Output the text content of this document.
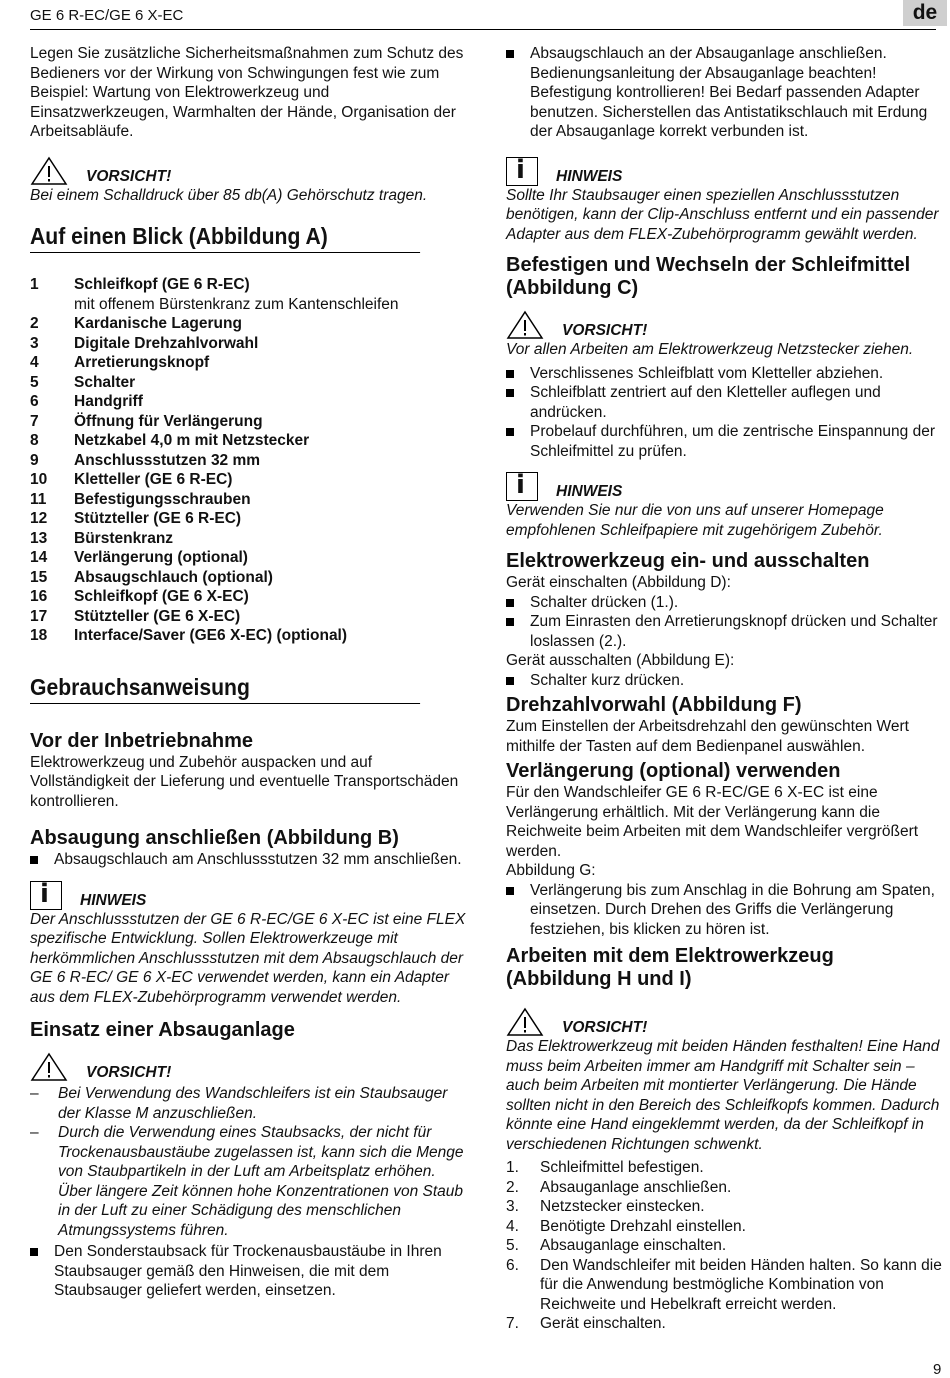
GE 6 R-EC/GE 6 X-EC	de

Legen Sie zusätzliche Sicherheitsmaßnahmen zum Schutz des Bedieners vor der Wirkung von Schwingungen fest wie zum Beispiel: Wartung von Elektrowerkzeug und Einsatzwerkzeugen, Warmhalten der Hände, Organisation der Arbeitsabläufe.

VORSICHT!

Bei einem Schalldruck über 85 db(A) Gehörschutz tragen.

Auf einen Blick (Abbildung A)
1	Schleifkopf (GE 6 R-EC)
mit offenem Bürstenkranz zum Kantenschleifen
2	Kardanische Lagerung
3	Digitale Drehzahlvorwahl
4	Arretierungsknopf
5	Schalter
6	Handgriff
7	Öffnung für Verlängerung
8	Netzkabel 4,0 m mit Netzstecker
9	Anschlussstutzen 32 mm
10	Kletteller (GE 6 R-EC)
11	Befestigungsschrauben
12	Stützteller (GE 6 R-EC)
13	Bürstenkranz
14	Verlängerung (optional)
15	Absaugschlauch (optional)
16	Schleifkopf (GE 6 X-EC)
17	Stützteller (GE 6 X-EC)
18	Interface/Saver (GE6 X-EC) (optional)
Gebrauchsanweisung
Vor der Inbetriebnahme

Elektrowerkzeug und Zubehör auspacken und auf Vollständigkeit der Lieferung und eventuelle Transportschäden kontrollieren.

Absaugung anschließen (Abbildung B)
Absaugschlauch am Anschlussstutzen 32 mm anschließen.
i
HINWEIS

Der Anschlussstutzen der GE 6 R-EC/GE 6 X-EC ist eine FLEX spezifische Entwicklung. Sollen Elektrowerkzeuge mit herkömmlichen Anschlussstutzen mit dem Absaugschlauch der GE 6 R-EC/ GE 6 X-EC verwendet werden, kann ein Adapter aus dem FLEX-Zubehörprogramm verwendet werden.

Einsatz einer Absauganlage
VORSICHT!
–	Bei Verwendung des Wandschleifers ist ein Staubsauger der Klasse M anzuschließen.
–	Durch die Verwendung eines Staubsacks, der nicht für Trockenausbaustäube zugelassen ist, kann sich die Menge von Staubpartikeln in der Luft am Arbeitsplatz erhöhen. Über längere Zeit können hohe Konzentrationen von Staub in der Luft zu einer Schädigung des menschlichen Atmungssystems führen.
Den Sonderstaubsack für Trockenausbaustäube in Ihren Staubsauger gemäß den Hinweisen, die mit dem Staubsauger geliefert werden, einsetzen.
Absaugschlauch an der Absauganlage anschließen. Bedienungsanleitung der Absauganlage beachten! Befestigung kontrollieren! Bei Bedarf passenden Adapter benutzen. Sicherstellen das Antistatikschlauch mit Erdung der Absauganlage korrekt verbunden ist.
i
HINWEIS

Sollte Ihr Staubsauger einen speziellen Anschlussstutzen benötigen, kann der Clip-Anschluss entfernt und ein passender Adapter aus dem FLEX-Zubehörprogramm gewählt werden.

Befestigen und Wechseln der Schleifmittel (Abbildung C)
VORSICHT!

Vor allen Arbeiten am Elektrowerkzeug Netzstecker ziehen.

Verschlissenes Schleifblatt vom Kletteller abziehen.
Schleifblatt zentriert auf den Kletteller auflegen und andrücken.
Probelauf durchführen, um die zentrische Einspannung der Schleifmittel zu prüfen.
i
HINWEIS

Verwenden Sie nur die von uns auf unserer Homepage empfohlenen Schleifpapiere mit zugehörigem Zubehör.

Elektrowerkzeug ein- und ausschalten

Gerät einschalten (Abbildung D):

Schalter drücken (1.).
Zum Einrasten den Arretierungsknopf drücken und Schalter loslassen (2.).

Gerät ausschalten (Abbildung E):

Schalter kurz drücken.
Drehzahlvorwahl (Abbildung F)

Zum Einstellen der Arbeitsdrehzahl den gewünschten Wert mithilfe der Tasten auf dem Bedienpanel auswählen.

Verlängerung (optional) verwenden

Für den Wandschleifer GE 6 R-EC/GE 6 X-EC ist eine Verlängerung erhältlich. Mit der Verlängerung kann die Reichweite beim Arbeiten mit dem Wandschleifer vergrößert werden.

Abbildung G:

Verlängerung bis zum Anschlag in die Bohrung am Spaten, einsetzen. Durch Drehen des Griffs die Verlängerung festziehen, bis klicken zu hören ist.
Arbeiten mit dem Elektrowerkzeug (Abbildung H und I)
VORSICHT!

Das Elektrowerkzeug mit beiden Händen festhalten! Eine Hand muss beim Arbeiten immer am Handgriff mit Schalter sein – auch beim Arbeiten mit montierter Verlängerung. Die Hände sollten nicht in den Bereich des Schleifkopfs kommen. Dadurch könnte eine Hand eingeklemmt werden, da der Schleifkopf in verschiedenen Richtungen schwenkt.

1.	Schleifmittel befestigen.
2.	Absauganlage anschließen.
3.	Netzstecker einstecken.
4.	Benötigte Drehzahl einstellen.
5.	Absauganlage einschalten.
6.	Den Wandschleifer mit beiden Händen halten. So kann die für die Anwendung bestmögliche Kombination von Reichweite und Hebelkraft erreicht werden.
7.	Gerät einschalten.
9
